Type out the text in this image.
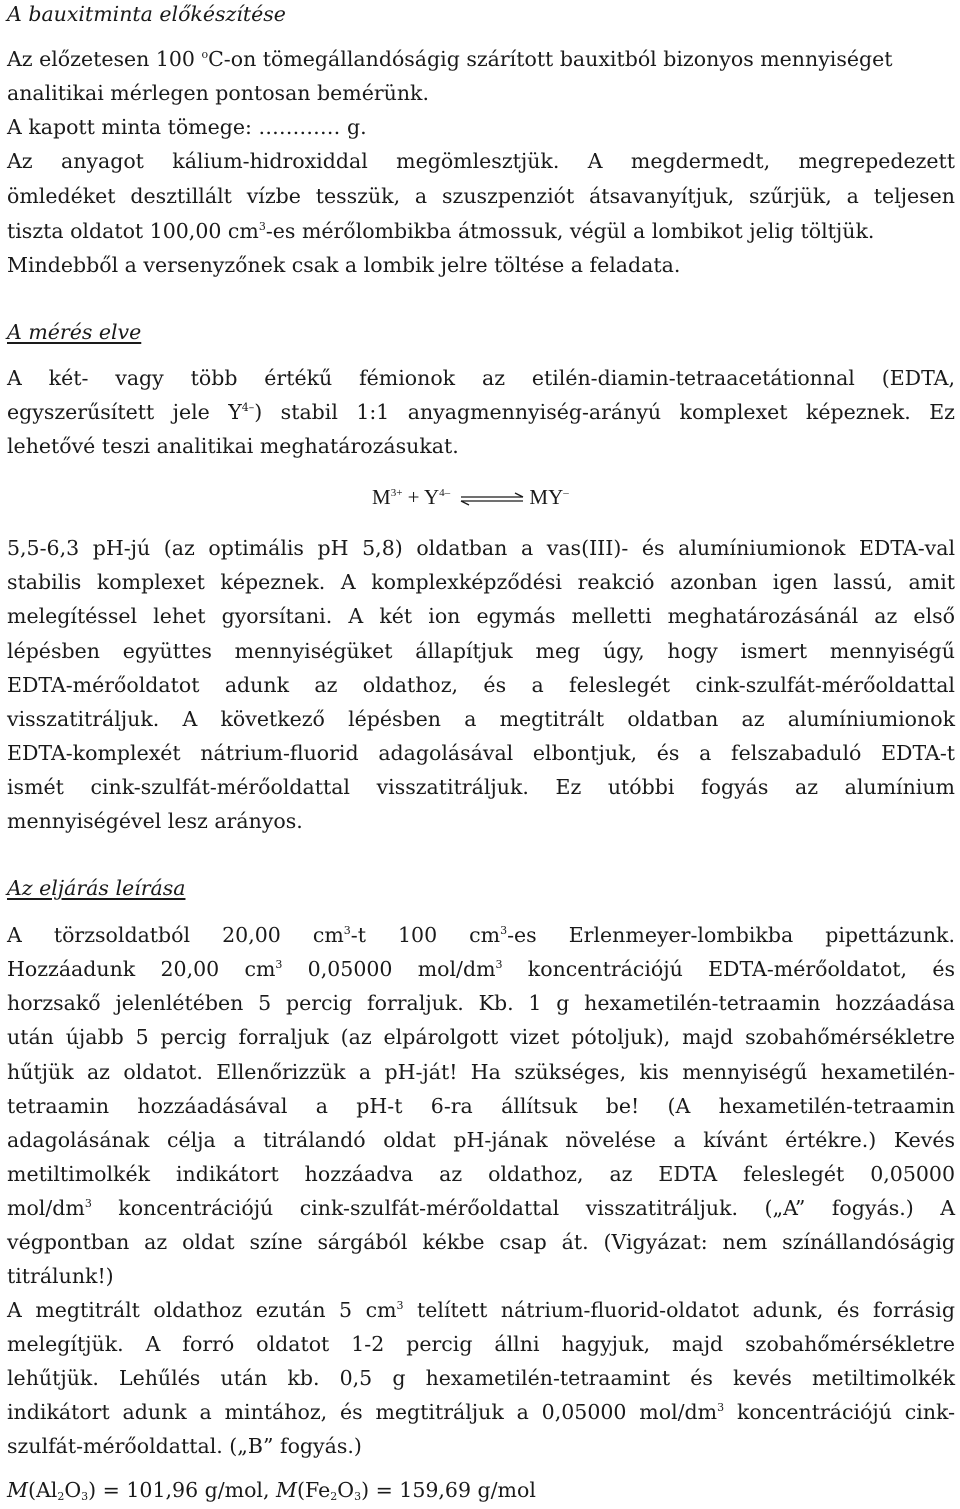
A bauxitminta előkészítése
Az előzetesen 100 $^o$C-on tömegállandóságig szárított bauxitból bizonyos mennyiséget
analitikai mérlegen pontosan bemérünk.
A kapott minta tömege: ………… g.
Az anyagot kálium-hidroxiddal megömlesztjük. A megdermedt, megrepedezett
ömledéket desztillált vízbe tesszük, a szuszpenziót átsavanyítjuk, szűrjük, a teljesen
tiszta oldatot 100,00 $cm^3-es$ mérőlombikba átmossuk, végül a lombikot jelig töltjük.
Mindebből a versenyzőnek csak a lombik jelre töltése a feladata.
A mérés elve
A két- vagy több értékű fémionok az etilén-diamin-tetraacetátionnal (EDTA,
egyszerűsített jele $Y^{4-}$) stabil 1:1 anyagmennyiség-arányú komplexet képeznek. Ez
lehetővé teszi analitikai meghatározásukat.
$M^{3+} + Y^{4-}$ ⇌ MY–
5,5-6,3 pH-jú (az optimális pH 5,8) oldatban a vas(III)- és alumíniumionok EDTA-val
stabilis komplexet képeznek. A komplexképződési reakció azonban igen lassú, amit
melegítéssel lehet gyorsítani. A két ion egymás melletti meghatározásánál az első
lépésben együttes mennyiségüket állapítjuk meg úgy, hogy ismert mennyiségű
EDTA-mérőoldatot adunk az oldathoz, és a feleslegét cink-szulfát-mérőoldattal
visszatitráljuk. A következő lépésben a megtitrált oldatban az alumíniumionok
EDTA-komplexét nátrium-fluorid adagolásával elbontjuk, és a felszabaduló EDTA-t
ismét cink-szulfát-mérőoldattal visszatitráljuk. Ez utóbbi fogyás az alumínium
mennyiségével lesz arányos.
Az eljárás leírása
A törzsoldatból 20,00 $cm^3-t$ 100 $cm^3-es$ Erlenmeyer-lombikba pipettázunk.
Hozzáadunk 20,00 $cm^3$ 0,05000 mol/$dm^3$ koncentrációjú EDTA-mérőoldatot, és
horzsakő jelenlétében 5 percig forraljuk. Kb. 1 g hexametilén-tetraamin hozzáadása
után újabb 5 percig forraljuk (az elpárolgott vizet pótoljuk), majd szobahőmérsékletre
hűtjük az oldatot. Ellenőrizzük a pH-ját! Ha szükséges, kis mennyiségű hexametilén-
tetraamin hozzáadásával a pH-t 6-ra állítsuk be! (A hexametilén-tetraamin
adagolásának célja a titrálandó oldat pH-jának növelése a kívánt értékre.) Kevés
metiltimolkék indikátort hozzáadva az oldathoz, az EDTA feleslegét 0,05000
mol/$dm^3$ koncentrációjú cink-szulfát-mérőoldattal visszatitráljuk. („A” fogyás.) A
végpontban az oldat színe sárgából kékbe csap át. (Vigyázat: nem színállandóságig
titrálunk!)
A megtitrált oldathoz ezután 5 $cm^3$ telített nátrium-fluorid-oldatot adunk, és forrásig
melegítjük. A forró oldatot 1-2 percig állni hagyjuk, majd szobahőmérsékletre
lehűtjük. Lehűlés után kb. 0,5 g hexametilén-tetraamint és kevés metiltimolkék
indikátort adunk a mintához, és megtitráljuk a 0,05000 mol/$dm^3$ koncentrációjú cink-
szulfát-mérőoldattal. („B” fogyás.)
$M(Al_2O_3) = 101,96$ g/mol, $M(Fe_2O_3) = 159,69$ g/mol
